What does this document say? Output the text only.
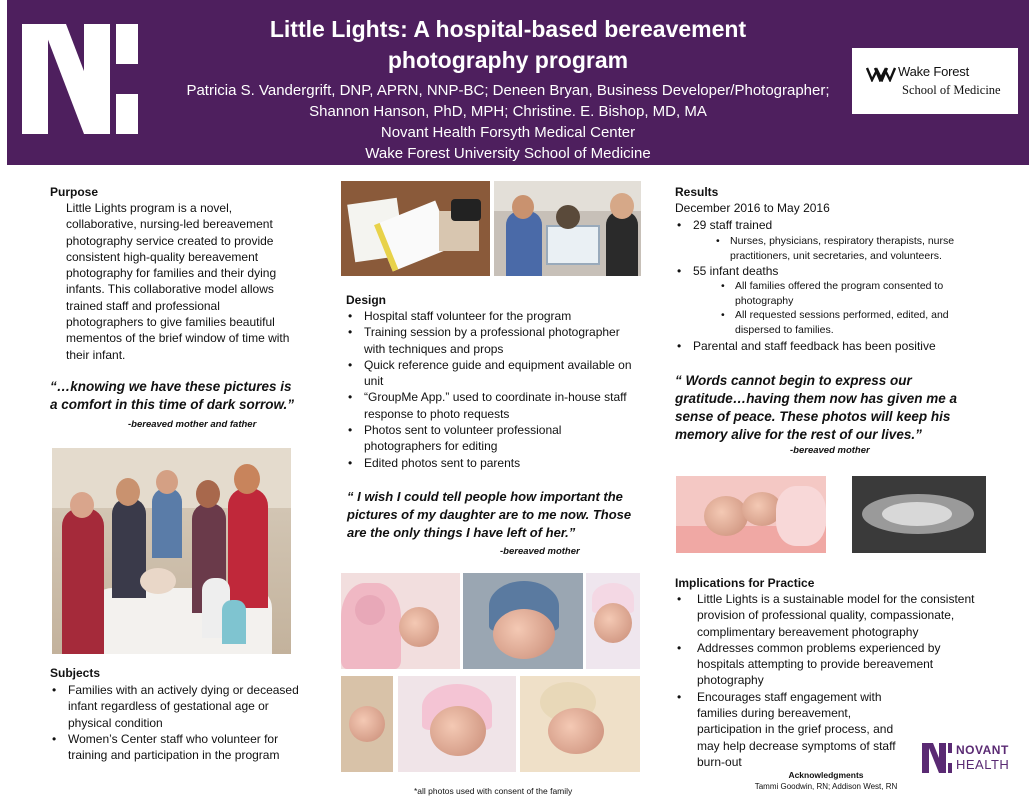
Little Lights: A hospital-based bereavement
photography program
Patricia S. Vandergrift, DNP, APRN, NNP-BC; Deneen Bryan, Business Developer/Photographer;
Shannon Hanson, PhD, MPH; Christine. E. Bishop, MD, MA
Novant Health Forsyth Medical Center
Wake Forest University School of Medicine
Wake Forest
School of Medicine
Purpose
Little Lights program is a novel, collaborative, nursing-led bereavement photography service created to provide consistent high-quality bereavement photography for families and their dying infants. This collaborative model allows trained staff and professional photographers to give families beautiful mementos of the brief window of time with their infant.
“…knowing we have these pictures is a comfort in this time of dark sorrow.”
-bereaved mother and father
Subjects
• Families with an actively dying or deceased infant regardless of gestational age or physical condition
• Women’s Center staff who volunteer for training and participation in the program
Design
• Hospital staff volunteer for the program
• Training session by a professional photographer with techniques and props
• Quick reference guide and equipment available on unit
• “GroupMe App.” used to coordinate in-house staff response to photo requests
• Photos sent to volunteer professional photographers for editing
• Edited photos sent to parents
“ I wish I could tell people how important the pictures of my daughter are to me now. Those are the only things I have left of her.”
-bereaved mother
*all photos used with consent of the family
Results
December 2016 to May 2016
• 29 staff trained
• Nurses, physicians, respiratory therapists, nurse practitioners, unit secretaries, and volunteers.
• 55 infant deaths
• All families offered the program consented to photography
• All requested sessions performed, edited, and dispersed to families.
• Parental and staff feedback has been positive
“ Words cannot begin to express our gratitude…having them now has given me a sense of peace. These photos will keep his memory alive for the rest of our lives.”
-bereaved mother
Implications for Practice
• Little Lights is a sustainable model for the consistent provision of professional quality, compassionate, complimentary bereavement photography
• Addresses common problems experienced by hospitals attempting to provide bereavement photography
• Encourages staff engagement with families during bereavement, participation in the grief process, and may help decrease symptoms of staff burn-out
Acknowledgments
Tammi Goodwin, RN; Addison West, RN
NOVANT
HEALTH
